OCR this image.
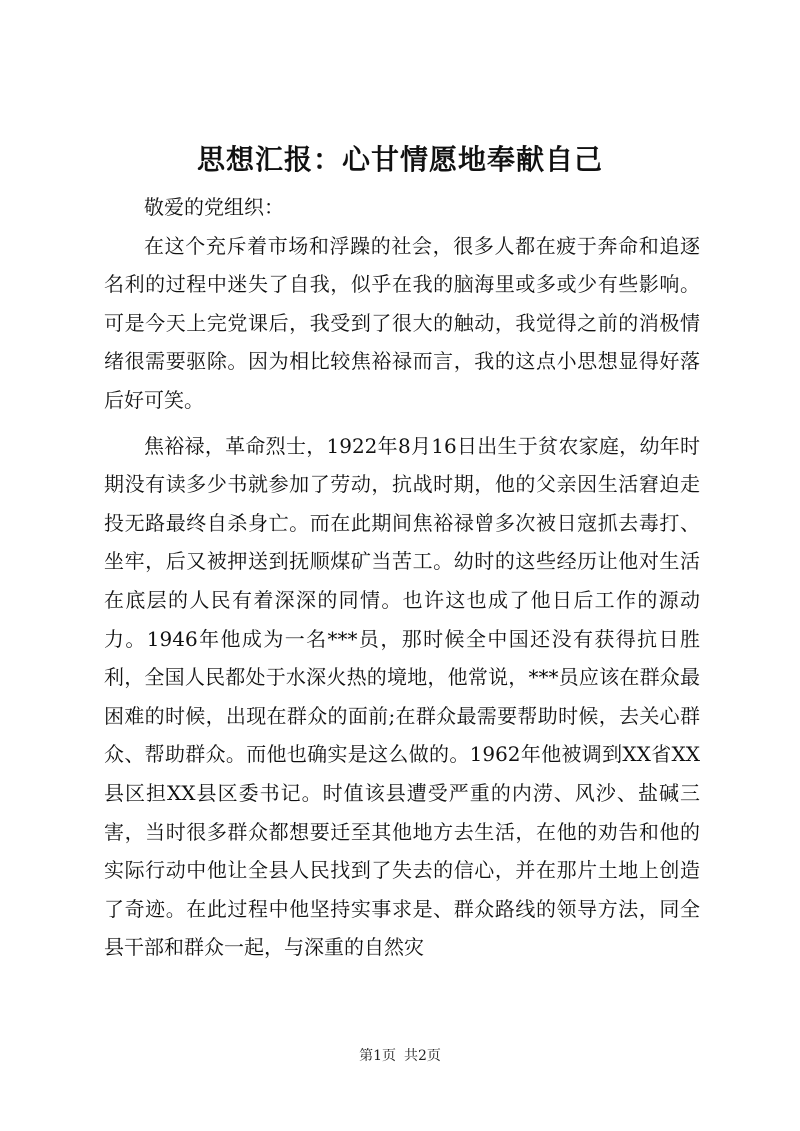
思想汇报：心甘情愿地奉献自己

敬爱的党组织：

在这个充斥着市场和浮躁的社会，很多人都在疲于奔命和追逐名利的过程中迷失了自我，似乎在我的脑海里或多或少有些影响。可是今天上完党课后，我受到了很大的触动，我觉得之前的消极情绪很需要驱除。因为相比较焦裕禄而言，我的这点小思想显得好落后好可笑。

焦裕禄，革命烈士，1922年8月16日出生于贫农家庭，幼年时期没有读多少书就参加了劳动，抗战时期，他的父亲因生活窘迫走投无路最终自杀身亡。而在此期间焦裕禄曾多次被日寇抓去毒打、坐牢，后又被押送到抚顺煤矿当苦工。幼时的这些经历让他对生活在底层的人民有着深深的同情。也许这也成了他日后工作的源动力。1946年他成为一名***员，那时候全中国还没有获得抗日胜利，全国人民都处于水深火热的境地，他常说，***员应该在群众最困难的时候，出现在群众的面前;在群众最需要帮助时候，去关心群众、帮助群众。而他也确实是这么做的。1962年他被调到XX省XX县区担XX县区委书记。时值该县遭受严重的内涝、风沙、盐碱三害，当时很多群众都想要迁至其他地方去生活，在他的劝告和他的实际行动中他让全县人民找到了失去的信心，并在那片土地上创造了奇迹。在此过程中他坚持实事求是、群众路线的领导方法，同全县干部和群众一起，与深重的自然灾

第1页 共2页
